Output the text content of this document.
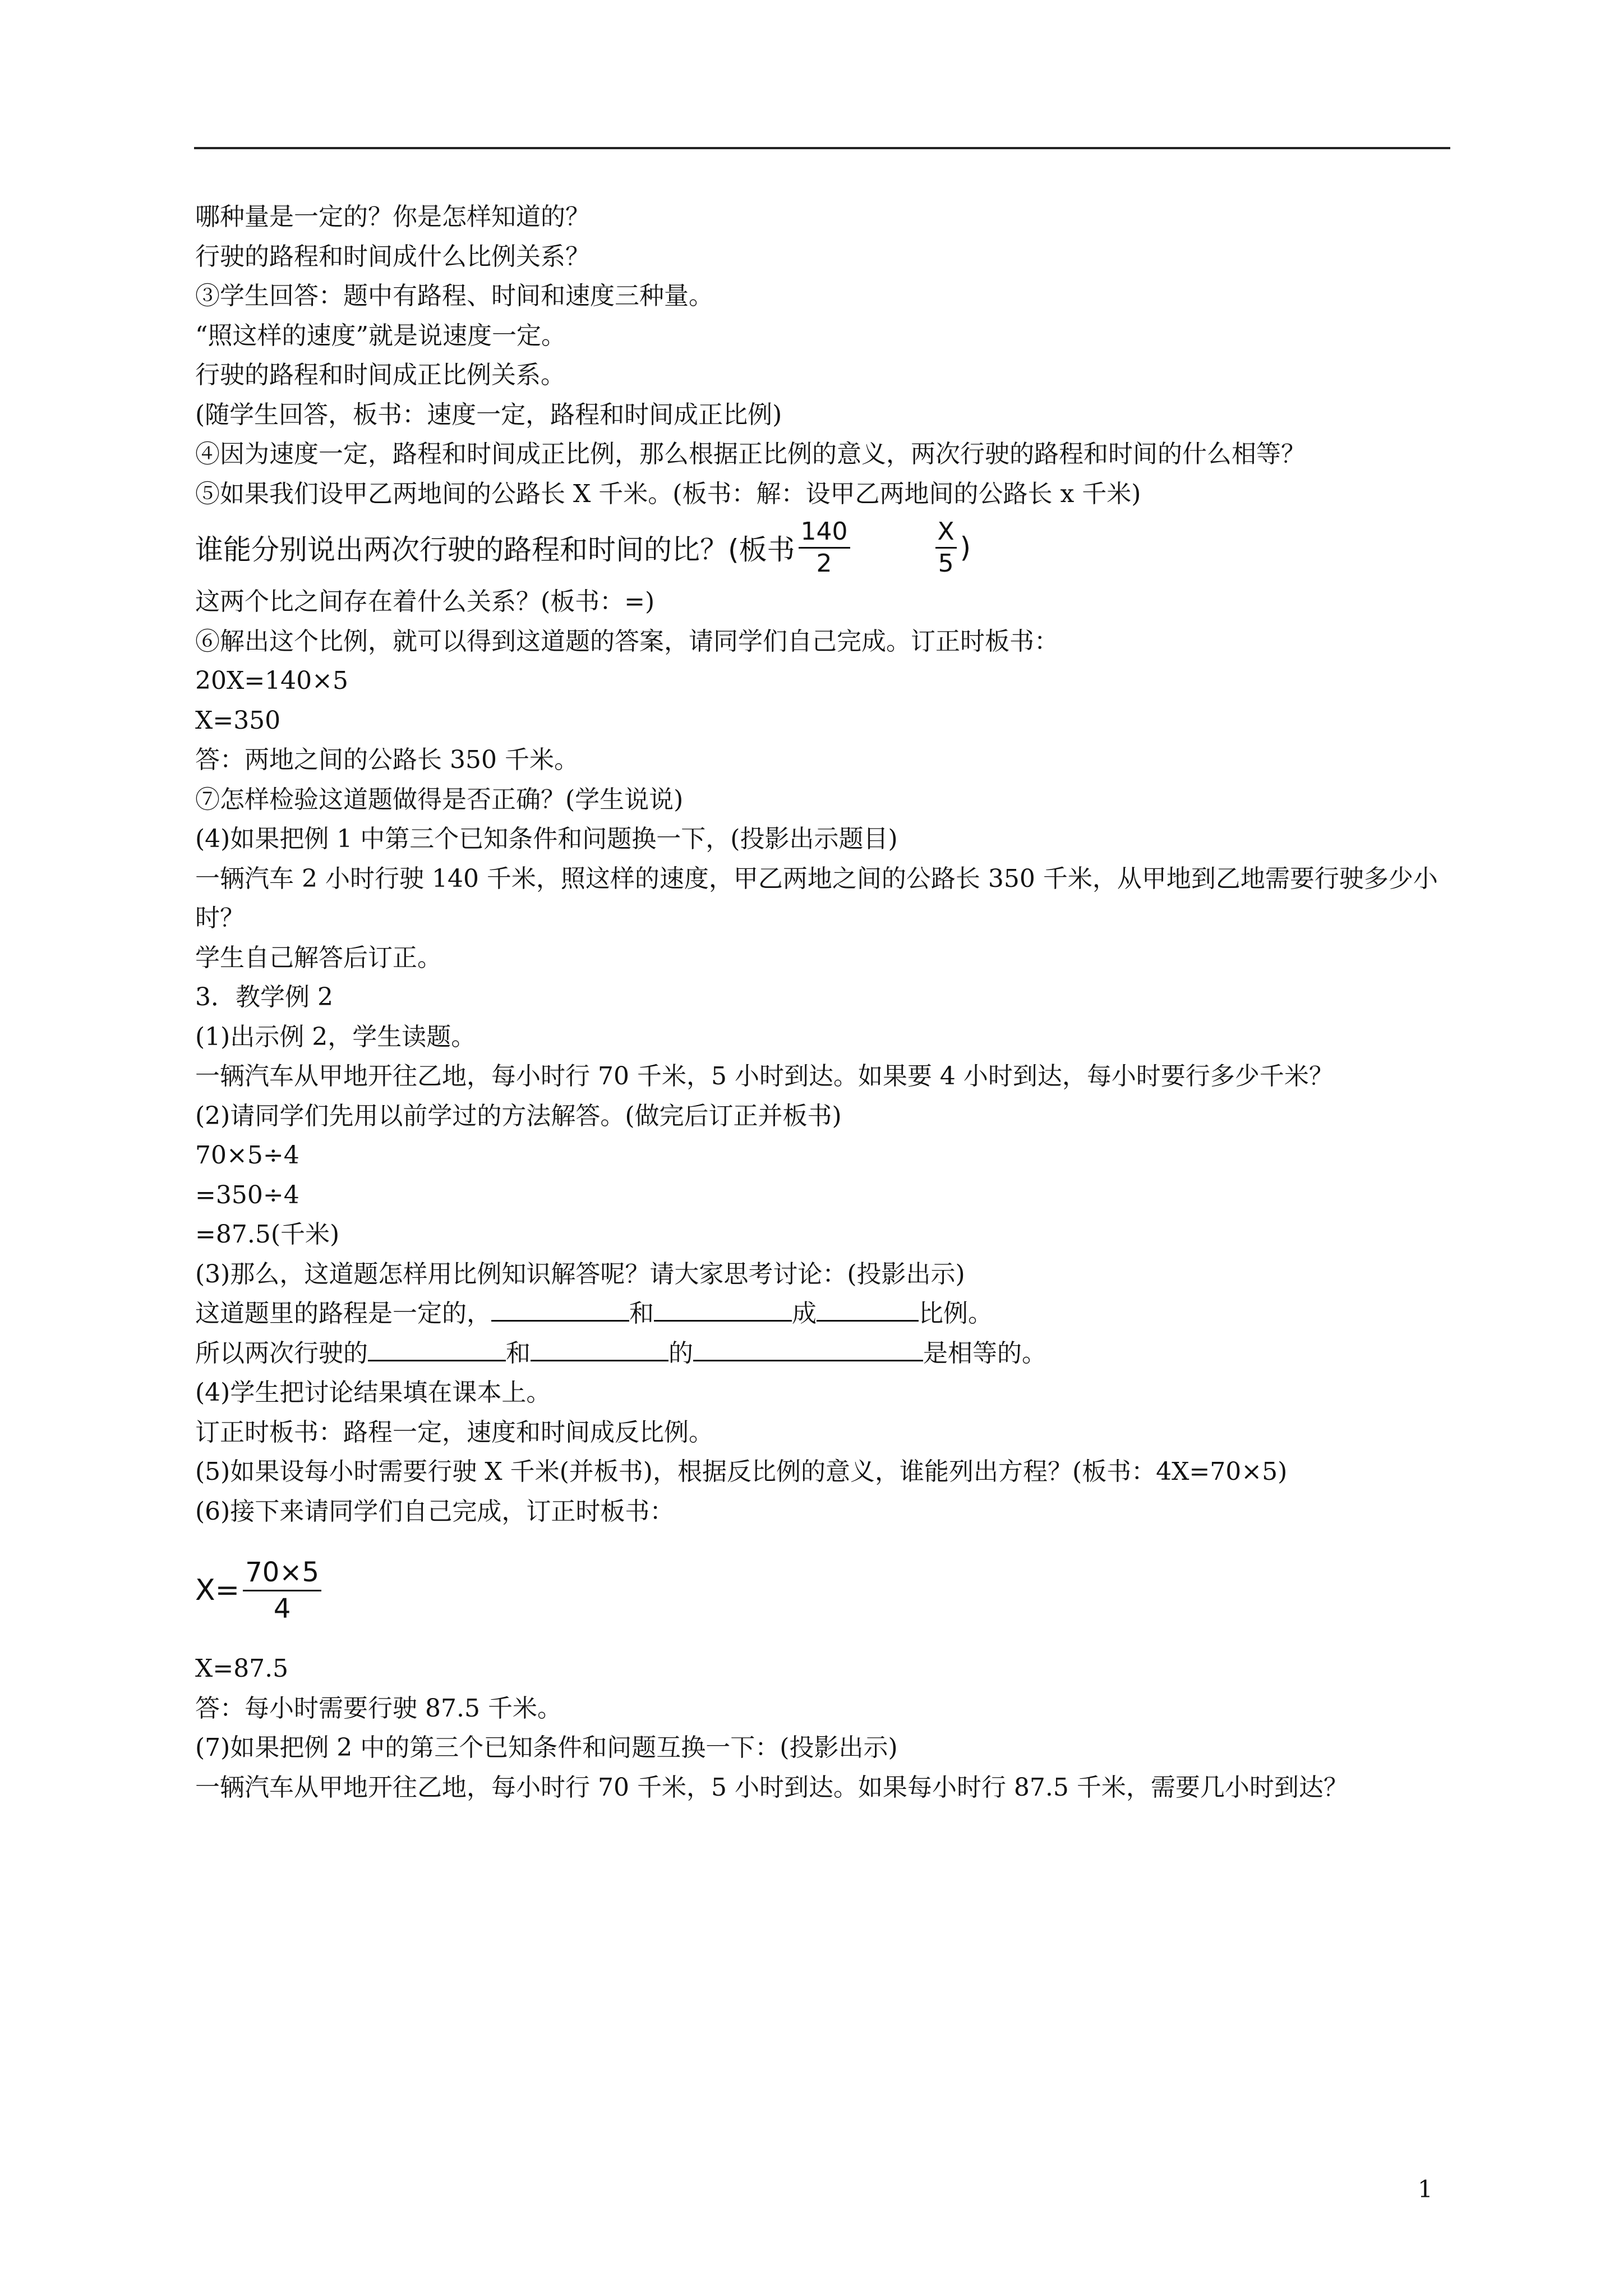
哪种量是一定的？你是怎样知道的？
行驶的路程和时间成什么比例关系？
③学生回答：题中有路程、时间和速度三种量。
“照这样的速度”就是说速度一定。
行驶的路程和时间成正比例关系。
(随学生回答，板书：速度一定，路程和时间成正比例)
④因为速度一定，路程和时间成正比例，那么根据正比例的意义，两次行驶的路程和时间的什么相等？
⑤如果我们设甲乙两地间的公路长 X 千米。(板书：解：设甲乙两地间的公路长 x 千米)
谁能分别说出两次行驶的路程和时间的比？(板书 $\frac{140}{2}$	$\frac{X}{5}$ )
这两个比之间存在着什么关系？(板书：=)
⑥解出这个比例，就可以得到这道题的答案，请同学们自己完成。订正时板书：
20X=140×5
X=350
答：两地之间的公路长 350 千米。
⑦怎样检验这道题做得是否正确？(学生说说)
(4)如果把例 1 中第三个已知条件和问题换一下，(投影出示题目)
一辆汽车 2 小时行驶 140 千米，照这样的速度，甲乙两地之间的公路长 350 千米，从甲地到乙地需要行驶多少小时？
学生自己解答后订正。
3．教学例 2
(1)出示例 2，学生读题。
一辆汽车从甲地开往乙地，每小时行 70 千米，5 小时到达。如果要 4 小时到达，每小时要行多少千米？
(2)请同学们先用以前学过的方法解答。(做完后订正并板书)
70×5÷4
=350÷4
=87.5(千米)
(3)那么，这道题怎样用比例知识解答呢？请大家思考讨论：(投影出示)
这道题里的路程是一定的，	和	成	比例。
所以两次行驶的	和	的	是相等的。
(4)学生把讨论结果填在课本上。
订正时板书：路程一定，速度和时间成反比例。
(5)如果设每小时需要行驶 X 千米(并板书)，根据反比例的意义，谁能列出方程？(板书：4X=70×5)
(6)接下来请同学们自己完成，订正时板书：
$X= \frac{70\times 5}{4}$
X=87.5
答：每小时需要行驶 87.5 千米。
(7)如果把例 2 中的第三个已知条件和问题互换一下：(投影出示)
一辆汽车从甲地开往乙地，每小时行 70 千米，5 小时到达。如果每小时行 87.5 千米，需要几小时到达？
1
